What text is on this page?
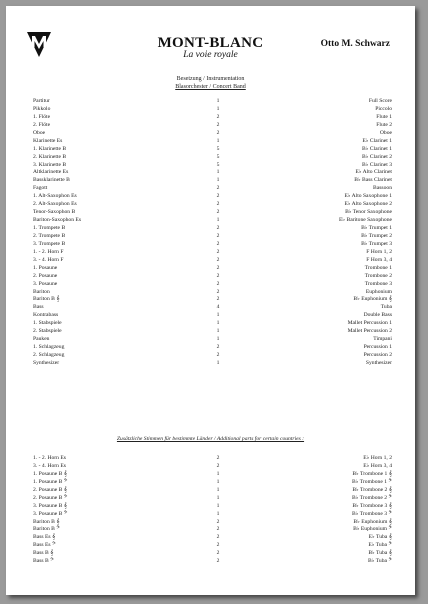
MONT-BLANC
La voie royale
Otto M. Schwarz
Besetzung / Instrumentation
Blasorchester / Concert Band
Partitur	1	Full Score
Pikkolo	1	Piccolo
1. Flöte	2	Flute 1
2. Flöte	2	Flute 2
Oboe	2	Oboe
Klarinette Es	1	E♭ Clarinet 1
1. Klarinette B	5	B♭ Clarinet 1
2. Klarinette B	5	B♭ Clarinet 2
3. Klarinette B	5	B♭ Clarinet 3
Altklarinette Es	1	E♭ Alto Clarinet
Bassklarinette B	1	B♭ Bass Clarinet
Fagott	2	Bassoon
1. Alt-Saxophon Es	2	E♭ Alto Saxophone 1
2. Alt-Saxophon Es	2	E♭ Alto Saxophone 2
Tenor-Saxophon B	2	B♭ Tenor Saxophone
Bariton-Saxophon Es	1	E♭ Baritone Saxophone
1. Trompete B	2	B♭ Trumpet 1
2. Trompete B	2	B♭ Trumpet 2
3. Trompete B	2	B♭ Trumpet 3
1. - 2. Horn F	2	F Horn 1, 2
3. - 4. Horn F	2	F Horn 3, 4
1. Posaune	2	Trombone 1
2. Posaune	2	Trombone 2
3. Posaune	2	Trombone 3
Bariton	2	Euphonium
Bariton B 𝄞	2	B♭ Euphonium 𝄞
Bass	4	Tuba
Kontrabass	1	Double Bass
1. Stabspiele	1	Mallet Percussion 1
2. Stabspiele	1	Mallet Percussion 2
Pauken	1	Timpani
1. Schlagzeug	2	Percussion 1
2. Schlagzeug	2	Percussion 2
Synthesizer	1	Synthesizer
Zusätzliche Stimmen für bestimmte Länder / Additional parts for certain countries :
1. - 2. Horn Es	2	E♭ Horn 1, 2
3. - 4. Horn Es	2	E♭ Horn 3, 4
1. Posaune B 𝄞	1	B♭ Trombone 1 𝄞
1. Posaune B 𝄢	1	B♭ Trombone 1 𝄢
2. Posaune B 𝄞	1	B♭ Trombone 2 𝄞
2. Posaune B 𝄢	1	B♭ Trombone 2 𝄢
3. Posaune B 𝄞	1	B♭ Trombone 3 𝄞
3. Posaune B 𝄢	1	B♭ Trombone 3 𝄢
Bariton B 𝄞	2	B♭ Euphonium 𝄞
Bariton B 𝄢	2	B♭ Euphonium 𝄢
Bass Es 𝄞	2	E♭ Tuba 𝄞
Bass Es 𝄢	2	E♭ Tuba 𝄢
Bass B 𝄞	2	B♭ Tuba 𝄞
Bass B 𝄢	2	B♭ Tuba 𝄢
